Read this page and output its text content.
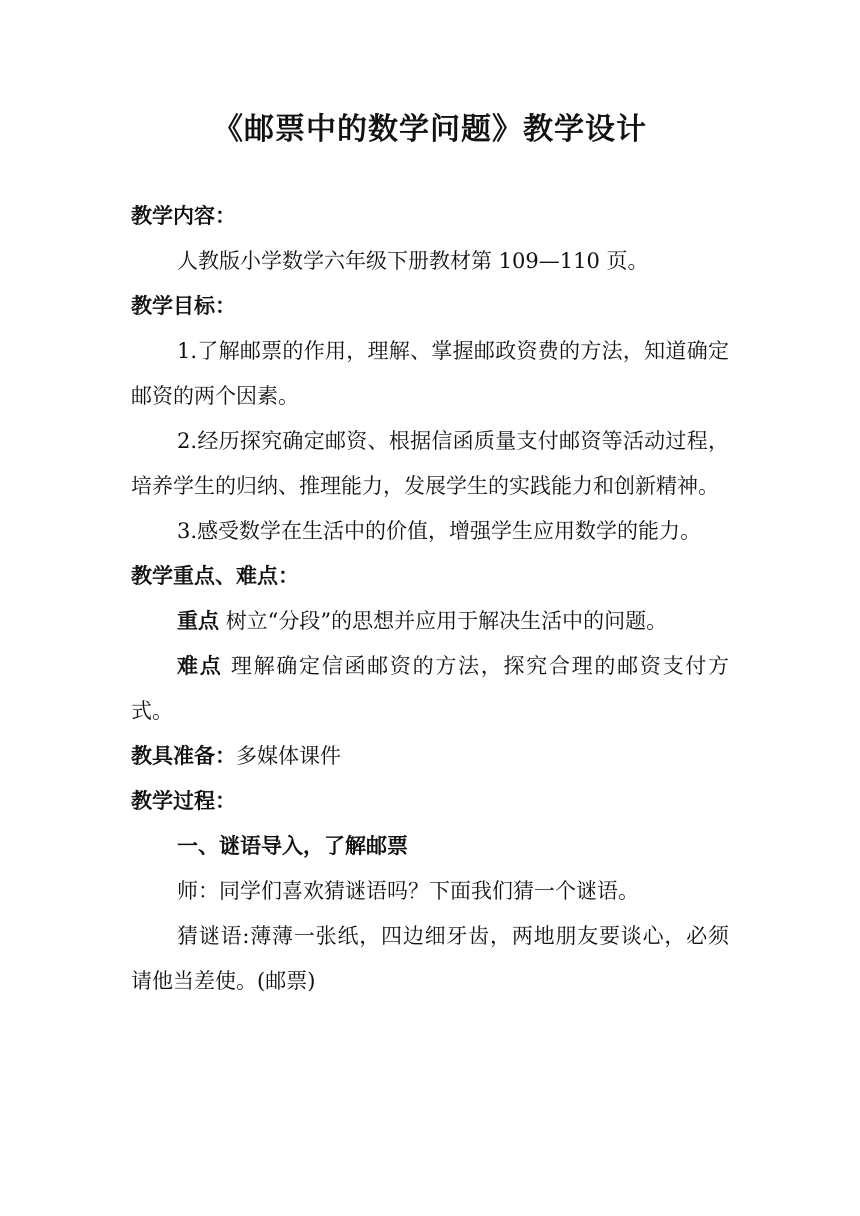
《邮票中的数学问题》教学设计

教学内容：

人教版小学数学六年级下册教材第 109—110 页。

教学目标：

1.了解邮票的作用，理解、掌握邮政资费的方法，知道确定邮资的两个因素。

2.经历探究确定邮资、根据信函质量支付邮资等活动过程，培养学生的归纳、推理能力，发展学生的实践能力和创新精神。

3.感受数学在生活中的价值，增强学生应用数学的能力。

教学重点、难点：

重点 树立“分段”的思想并应用于解决生活中的问题。

难点 理解确定信函邮资的方法，探究合理的邮资支付方式。

教具准备：多媒体课件

教学过程：

一、谜语导入，了解邮票

师：同学们喜欢猜谜语吗？下面我们猜一个谜语。

猜谜语:薄薄一张纸，四边细牙齿，两地朋友要谈心，必须请他当差使。(邮票)
